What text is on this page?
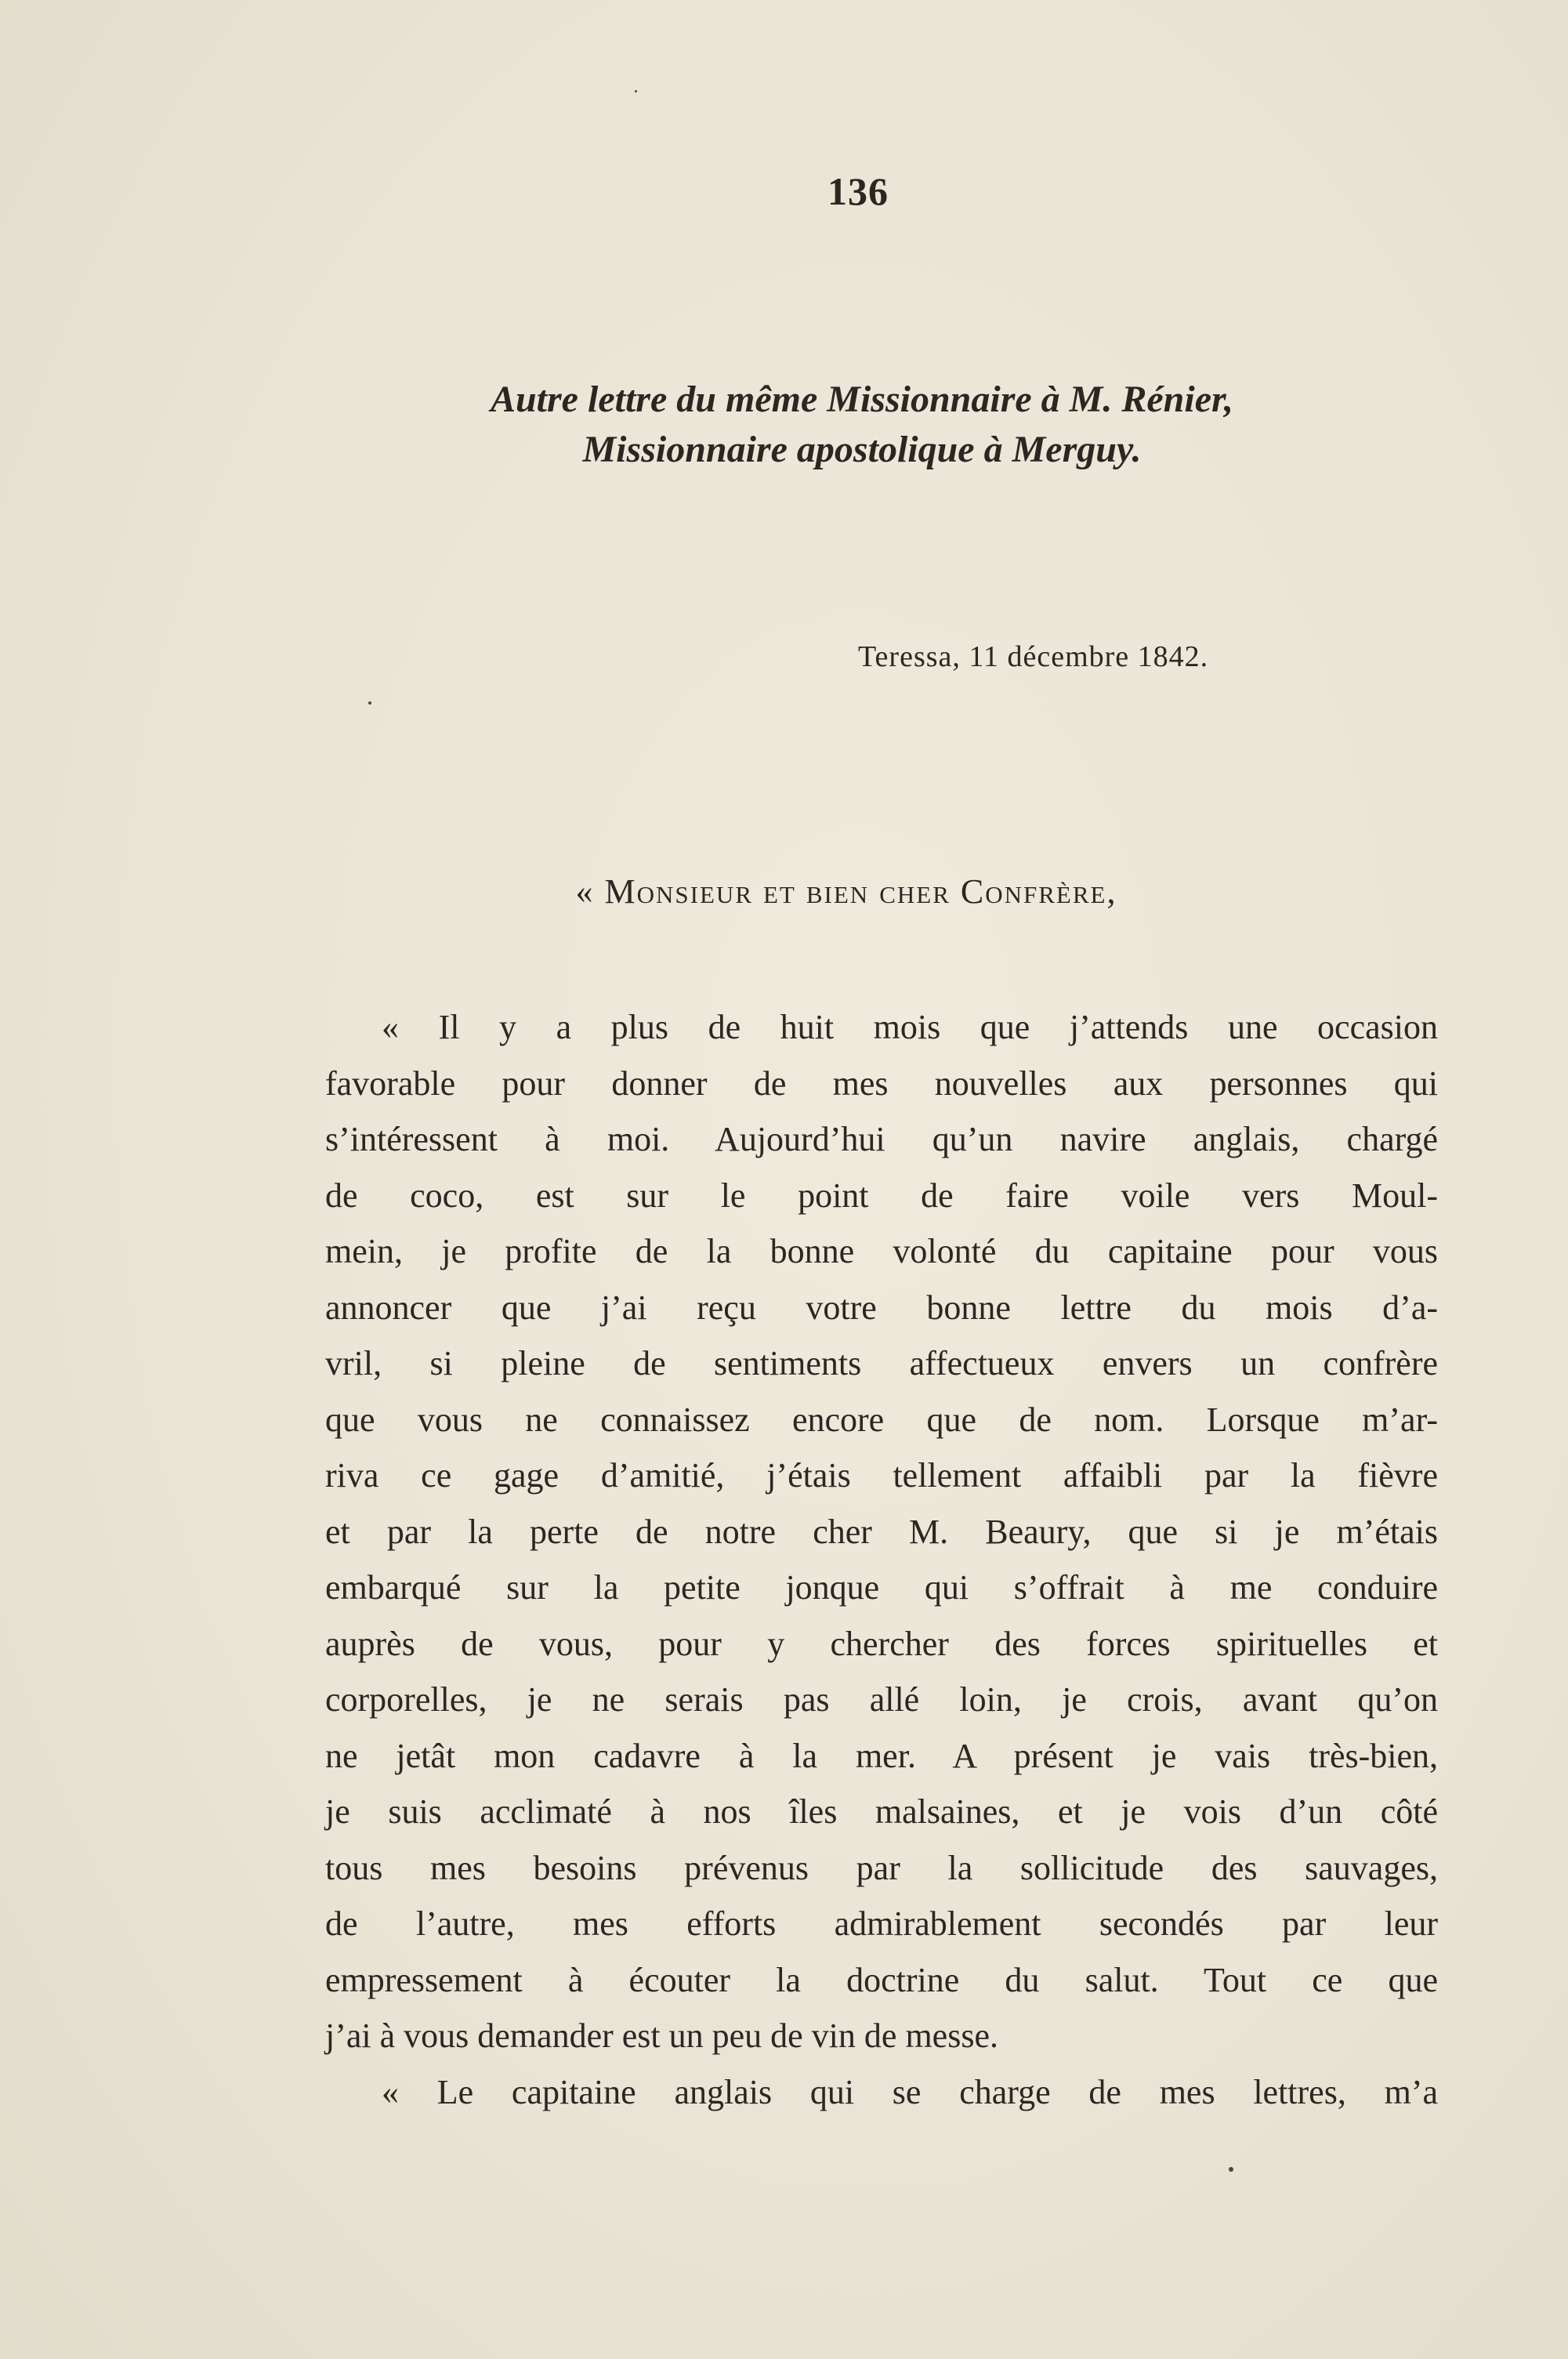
136
Autre lettre du même Missionnaire à M. Rénier,
Missionnaire apostolique à Merguy.
Teressa, 11 décembre 1842.
« Monsieur et bien cher Confrère,
« Il y a plus de huit mois que j’attends une occasion
favorable pour donner de mes nouvelles aux personnes qui
s’intéressent à moi. Aujourd’hui qu’un navire anglais, chargé
de coco, est sur le point de faire voile vers Moul-
mein, je profite de la bonne volonté du capitaine pour vous
annoncer que j’ai reçu votre bonne lettre du mois d’a-
vril, si pleine de sentiments affectueux envers un confrère
que vous ne connaissez encore que de nom. Lorsque m’ar-
riva ce gage d’amitié, j’étais tellement affaibli par la fièvre
et par la perte de notre cher M. Beaury, que si je m’étais
embarqué sur la petite jonque qui s’offrait à me conduire
auprès de vous, pour y chercher des forces spirituelles et
corporelles, je ne serais pas allé loin, je crois, avant qu’on
ne jetât mon cadavre à la mer. A présent je vais très-bien,
je suis acclimaté à nos îles malsaines, et je vois d’un côté
tous mes besoins prévenus par la sollicitude des sauvages,
de l’autre, mes efforts admirablement secondés par leur
empressement à écouter la doctrine du salut. Tout ce que
j’ai à vous demander est un peu de vin de messe.
« Le capitaine anglais qui se charge de mes lettres, m’a
